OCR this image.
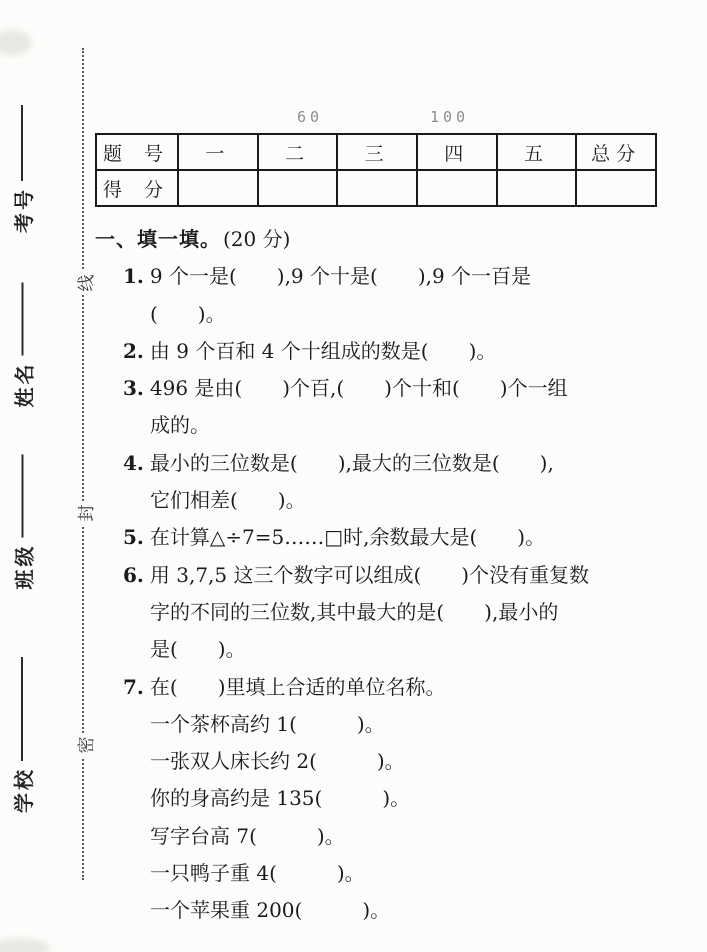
线
封
密
考号
姓名
班级
学校
60	100
题 号	一	二	三	四	五	总分
得 分						
一、填一填。 (20 分)
1. 9 个一是(　　),9 个十是(　　),9 个一百是
(　　)。
2. 由 9 个百和 4 个十组成的数是(　　)。
3. 496 是由(　　)个百,(　　)个十和(　　)个一组
成的。
4. 最小的三位数是(　　),最大的三位数是(　　),
它们相差(　　)。
5. 在计算△÷7=5……□时,余数最大是(　　)。
6. 用 3,7,5 这三个数字可以组成(　　)个没有重复数
字的不同的三位数,其中最大的是(　　),最小的
是(　　)。
7. 在(　　)里填上合适的单位名称。
一个茶杯高约 1(　　　)。
一张双人床长约 2(　　　)。
你的身高约是 135(　　　)。
写字台高 7(　　　)。
一只鸭子重 4(　　　)。
一个苹果重 200(　　　)。
